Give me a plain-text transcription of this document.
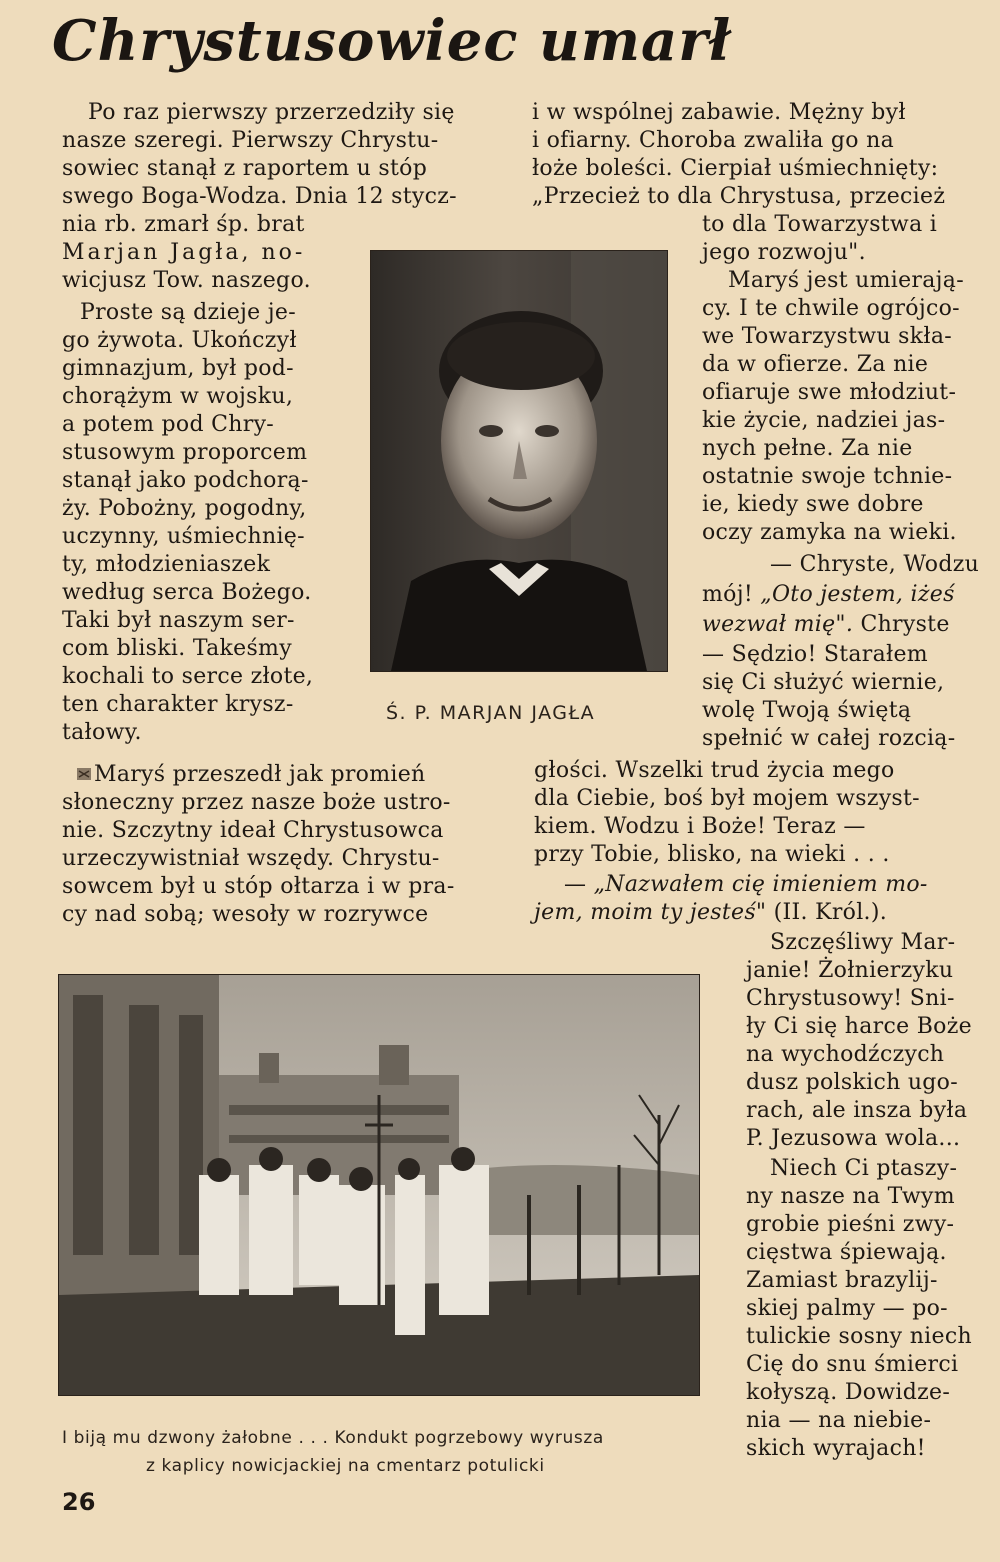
Chrystusowiec umarł
Po raz pierwszy przerzedziły się
nasze szeregi. Pierwszy Chrystu-
sowiec stanął z raportem u stóp
swego Boga-Wodza. Dnia 12 stycz-
nia rb. zmarł śp. brat
Marjan Jagła, no-
wicjusz Tow. naszego.
Proste są dzieje je-
go żywota. Ukończył
gimnazjum, był pod-
chorążym w wojsku,
a potem pod Chry-
stusowym proporcem
stanął jako podchorą-
ży. Pobożny, pogodny,
uczynny, uśmiechnię-
ty, młodzieniaszek
według serca Bożego.
Taki był naszym ser-
com bliski. Takeśmy
kochali to serce złote,
ten charakter krysz-
tałowy.
Maryś przeszedł jak promień
słoneczny przez nasze boże ustro-
nie. Szczytny ideał Chrystusowca
urzeczywistniał wszędy. Chrystu-
sowcem był u stóp ołtarza i w pra-
cy nad sobą; wesoły w rozrywce
Ś. P. MARJAN JAGŁA
i w wspólnej zabawie. Mężny był
i ofiarny. Choroba zwaliła go na
łoże boleści. Cierpiał uśmiechnięty:
„Przecież to dla Chrystusa, przecież
to dla Towarzystwa i
jego rozwoju".
Maryś jest umierają-
cy. I te chwile ogrójco-
we Towarzystwu skła-
da w ofierze. Za nie
ofiaruje swe młodziut-
kie życie, nadziei jas-
nych pełne. Za nie
ostatnie swoje tchnie-
ie, kiedy swe dobre
oczy zamyka na wieki.
— Chryste, Wodzu
mój! „Oto jestem, iżeś
wezwał mię". Chryste
— Sędzio! Starałem
się Ci służyć wiernie,
wolę Twoją świętą
spełnić w całej rozcią-
głości. Wszelki trud życia mego
dla Ciebie, boś był mojem wszyst-
kiem. Wodzu i Boże! Teraz —
przy Tobie, blisko, na wieki . . .
— „Nazwałem cię imieniem mo-
jem, moim ty jesteś" (II. Król.).
Szczęśliwy Mar-
janie! Żołnierzyku
Chrystusowy! Sni-
ły Ci się harce Boże
na wychodźczych
dusz polskich ugo-
rach, ale insza była
P. Jezusowa wola...
Niech Ci ptaszy-
ny nasze na Twym
grobie pieśni zwy-
cięstwa śpiewają.
Zamiast brazylij-
skiej palmy — po-
tulickie sosny niech
Cię do snu śmierci
kołyszą. Dowidze-
nia — na niebie-
skich wyrajach!
I biją mu dzwony żałobne . . . Kondukt pogrzebowy wyrusza
z kaplicy nowicjackiej na cmentarz potulicki
26
